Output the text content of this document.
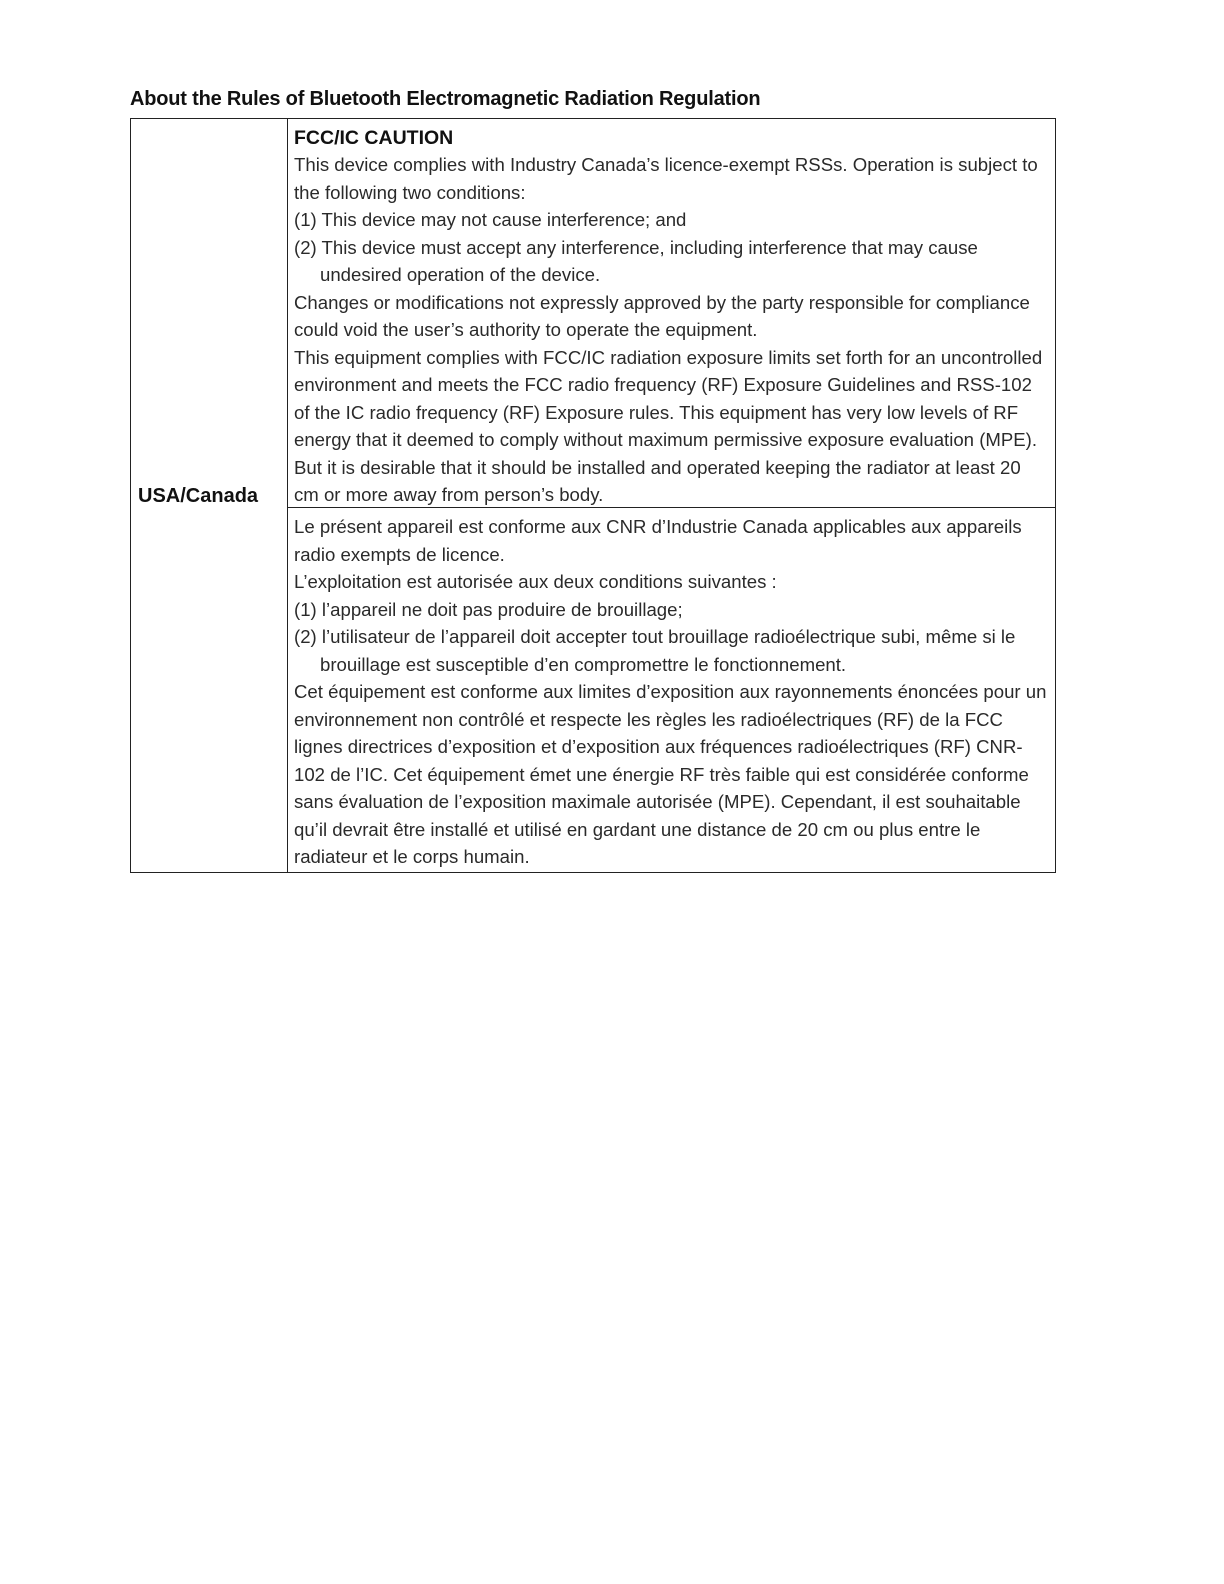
About the Rules of Bluetooth Electromagnetic Radiation Regulation
USA/Canada
FCC/IC CAUTION

This device complies with Industry Canada’s licence-exempt RSSs. Operation is subject to the following two conditions:

(1) This device may not cause interference; and

(2) This device must accept any interference, including interference that may cause undesired operation of the device.

Changes or modifications not expressly approved by the party responsible for compliance could void the user’s authority to operate the equipment.

This equipment complies with FCC/IC radiation exposure limits set forth for an uncontrolled environment and meets the FCC radio frequency (RF) Exposure Guidelines and RSS-102 of the IC radio frequency (RF) Exposure rules. This equipment has very low levels of RF energy that it deemed to comply without maximum permissive exposure evaluation (MPE). But it is desirable that it should be installed and operated keeping the radiator at least 20 cm or more away from person’s body.

Le présent appareil est conforme aux CNR d’Industrie Canada applicables aux appareils radio exempts de licence.

L’exploitation est autorisée aux deux conditions suivantes :

(1) l’appareil ne doit pas produire de brouillage;

(2) l’utilisateur de l’appareil doit accepter tout brouillage radioélectrique subi, même si le brouillage est susceptible d’en compromettre le fonctionnement.

Cet équipement est conforme aux limites d’exposition aux rayonnements énoncées pour un environnement non contrôlé et respecte les règles les radioélectriques (RF) de la FCC lignes directrices d’exposition et d’exposition aux fréquences radioélectriques (RF) CNR-102 de l’IC. Cet équipement émet une énergie RF très faible qui est considérée conforme sans évaluation de l’exposition maximale autorisée (MPE). Cependant, il est souhaitable qu’il devrait être installé et utilisé en gardant une distance de 20 cm ou plus entre le radiateur et le corps humain.
